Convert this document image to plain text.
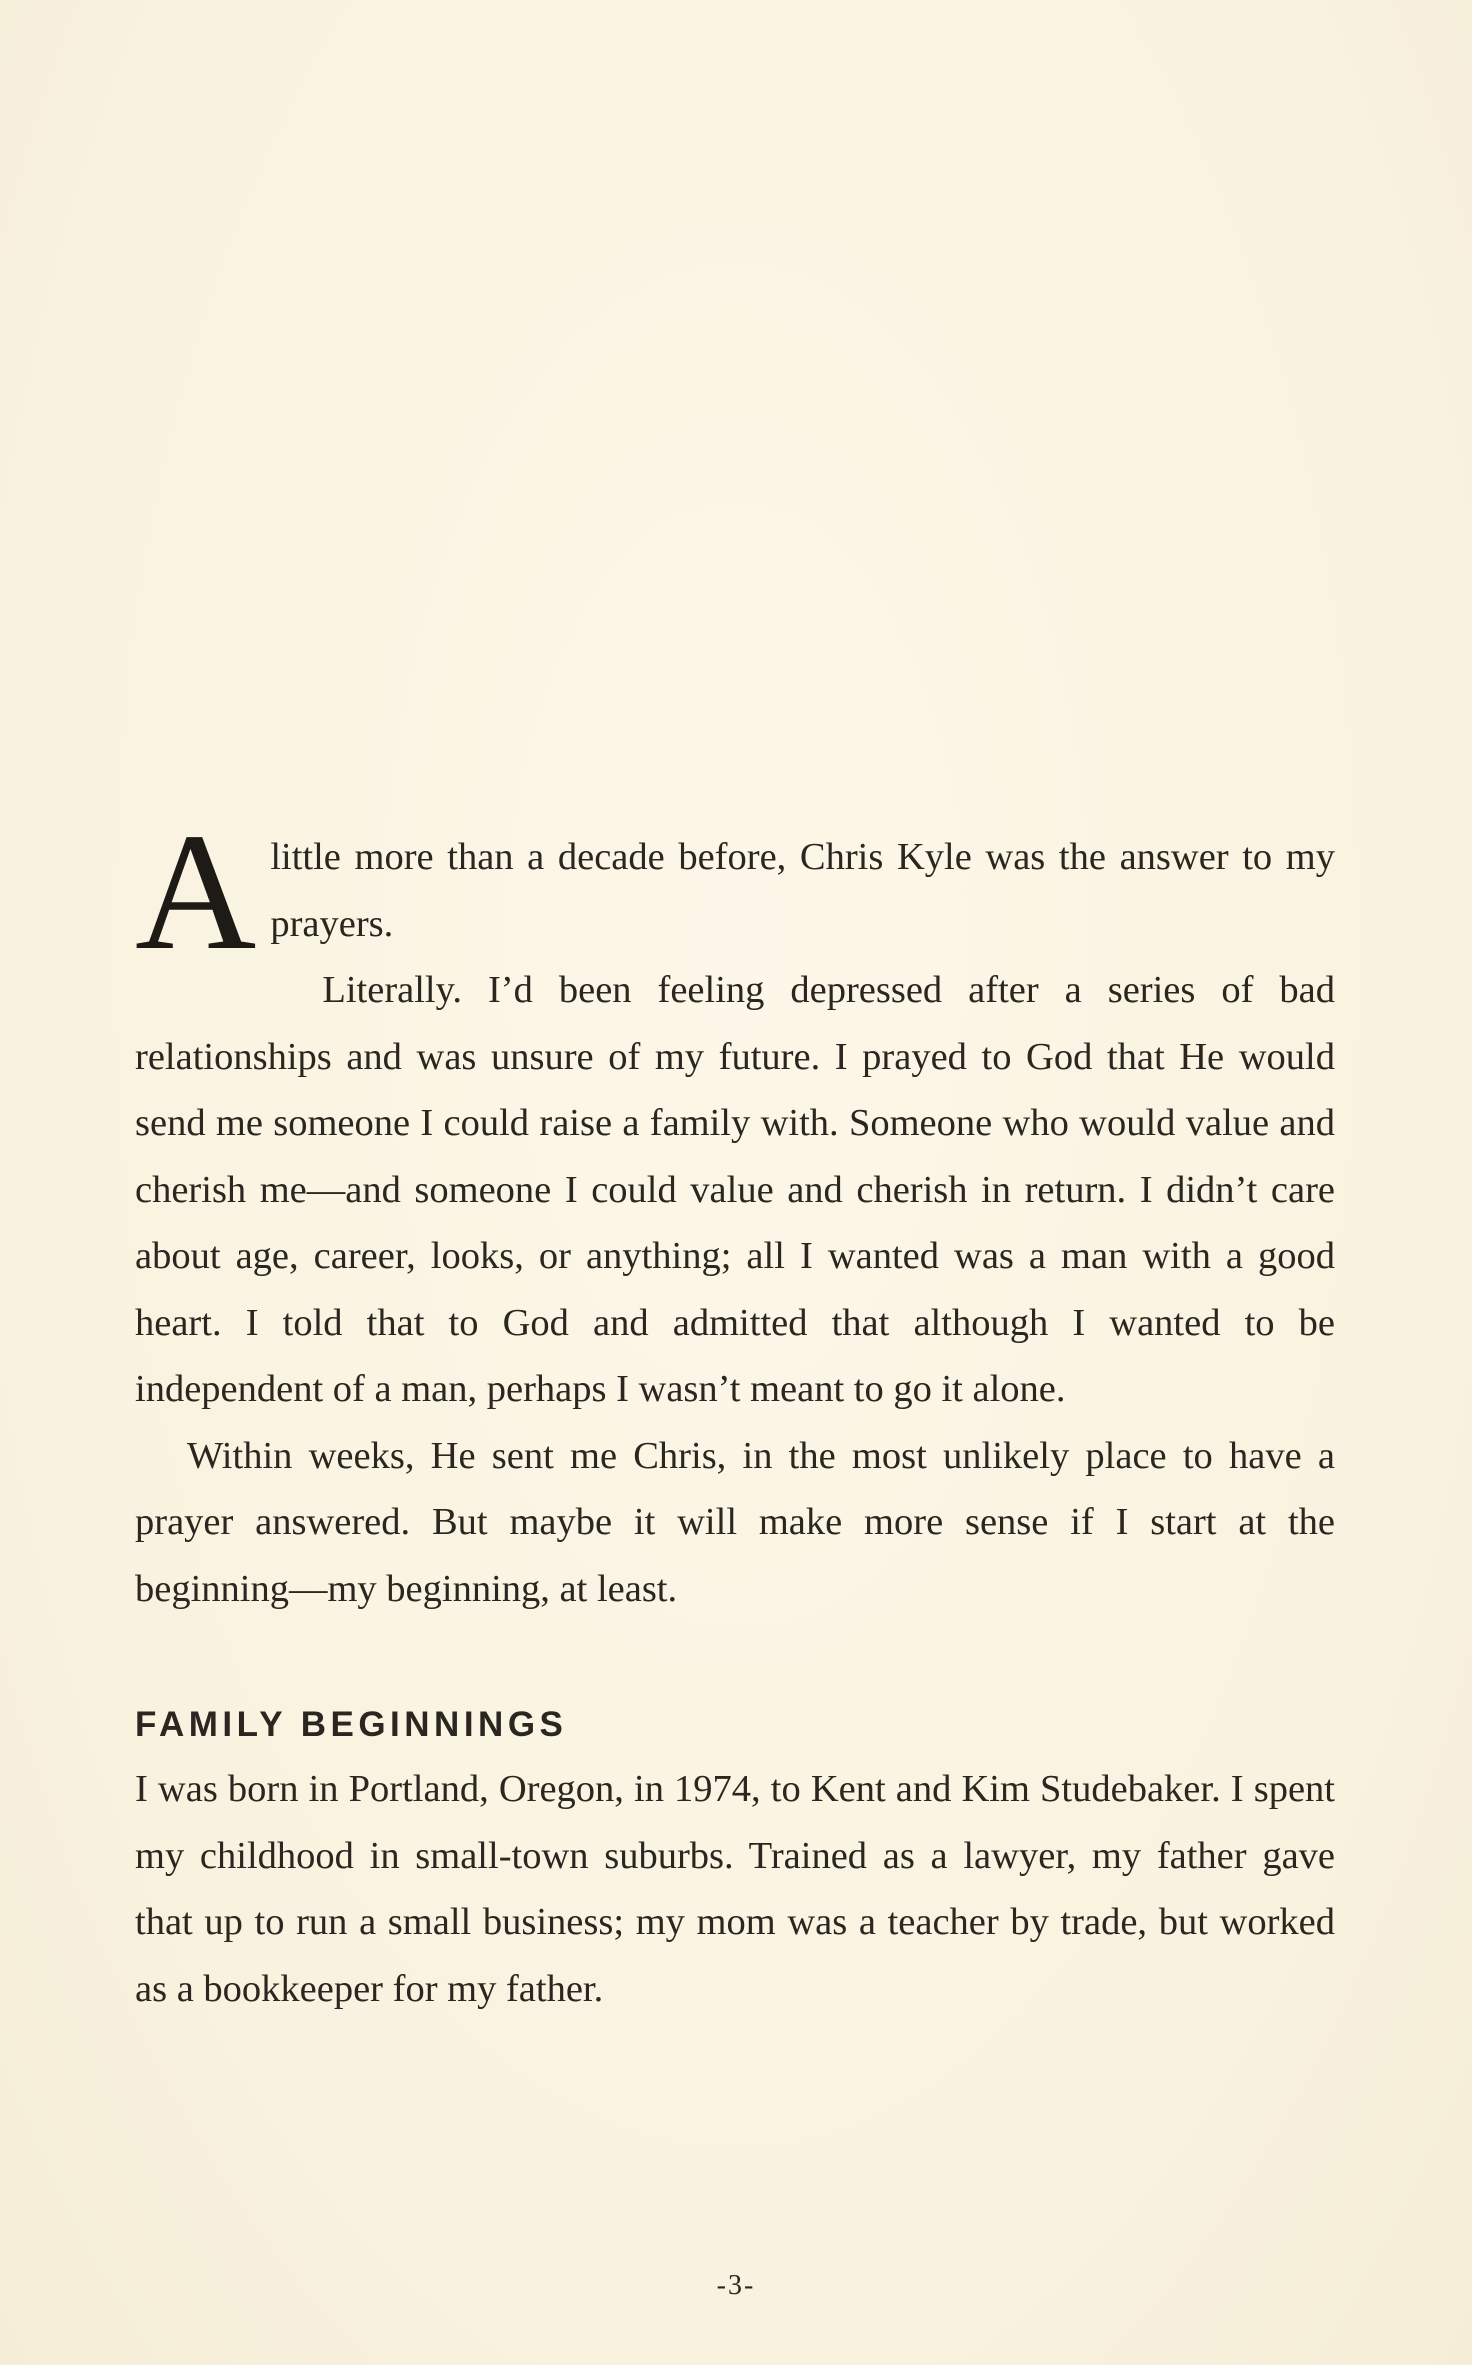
A little more than a decade before, Chris Kyle was the answer to my prayers.

Literally. I’d been feeling depressed after a series of bad relationships and was unsure of my future. I prayed to God that He would send me someone I could raise a family with. Someone who would value and cherish me—and someone I could value and cherish in return. I didn’t care about age, career, looks, or anything; all I wanted was a man with a good heart. I told that to God and admitted that although I wanted to be independent of a man, perhaps I wasn’t meant to go it alone.

Within weeks, He sent me Chris, in the most unlikely place to have a prayer answered. But maybe it will make more sense if I start at the beginning—my beginning, at least.

FAMILY BEGINNINGS

I was born in Portland, Oregon, in 1974, to Kent and Kim Studebaker. I spent my childhood in small-town suburbs. Trained as a lawyer, my father gave that up to run a small business; my mom was a teacher by trade, but worked as a bookkeeper for my father.

-3-
